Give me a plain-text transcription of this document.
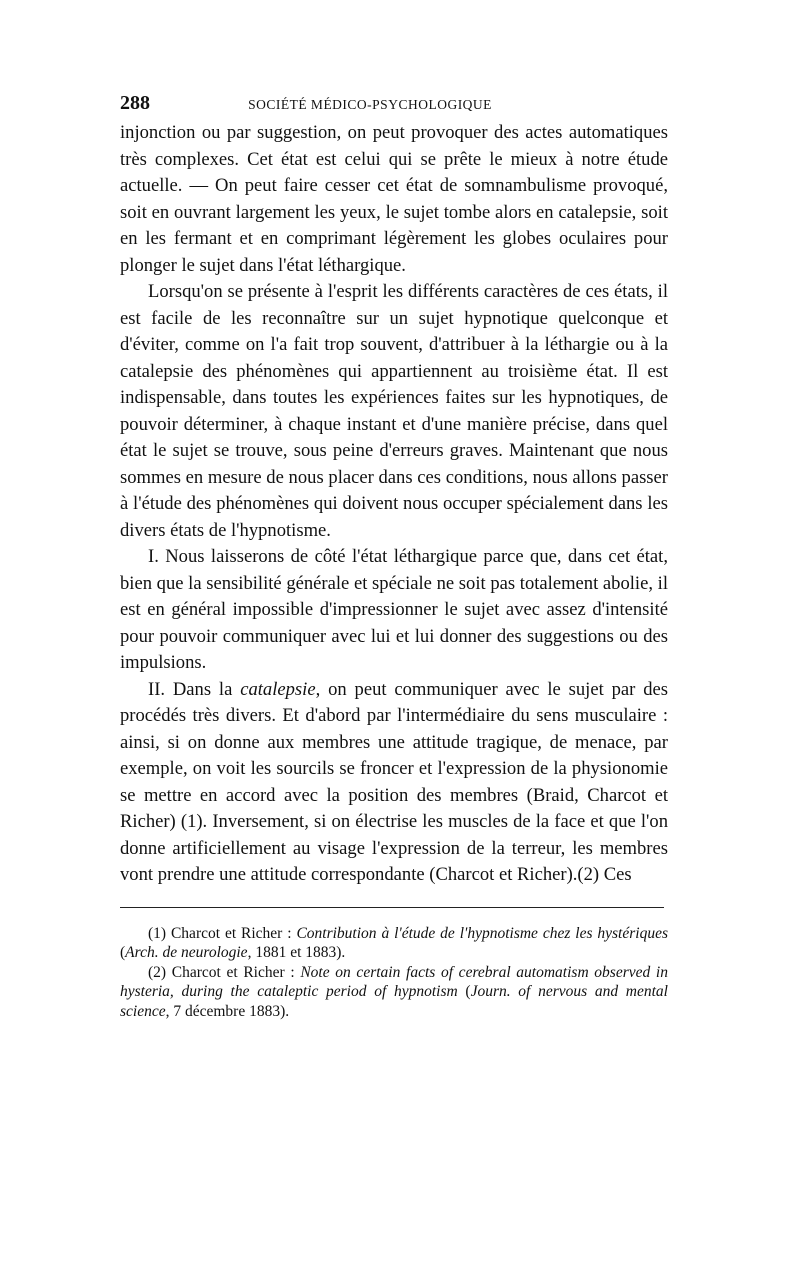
288	SOCIÉTÉ MÉDICO-PSYCHOLOGIQUE

injonction ou par suggestion, on peut provoquer des actes automatiques très complexes. Cet état est celui qui se prête le mieux à notre étude actuelle. — On peut faire cesser cet état de somnambulisme provoqué, soit en ouvrant largement les yeux, le sujet tombe alors en catalepsie, soit en les fermant et en comprimant légèrement les globes oculaires pour plonger le sujet dans l'état léthargique.

Lorsqu'on se présente à l'esprit les différents caractères de ces états, il est facile de les reconnaître sur un sujet hypnotique quelconque et d'éviter, comme on l'a fait trop souvent, d'attribuer à la léthargie ou à la catalepsie des phénomènes qui appartiennent au troisième état. Il est indispensable, dans toutes les expériences faites sur les hypnotiques, de pouvoir déterminer, à chaque instant et d'une manière précise, dans quel état le sujet se trouve, sous peine d'erreurs graves. Maintenant que nous sommes en mesure de nous placer dans ces conditions, nous allons passer à l'étude des phénomènes qui doivent nous occuper spécialement dans les divers états de l'hypnotisme.

I. Nous laisserons de côté l'état léthargique parce que, dans cet état, bien que la sensibilité générale et spéciale ne soit pas totalement abolie, il est en général impossible d'impressionner le sujet avec assez d'intensité pour pouvoir communiquer avec lui et lui donner des suggestions ou des impulsions.

II. Dans la catalepsie, on peut communiquer avec le sujet par des procédés très divers. Et d'abord par l'intermédiaire du sens musculaire : ainsi, si on donne aux membres une attitude tragique, de menace, par exemple, on voit les sourcils se froncer et l'expression de la physionomie se mettre en accord avec la position des membres (Braid, Charcot et Richer) (1). Inversement, si on électrise les muscles de la face et que l'on donne artificiellement au visage l'expression de la terreur, les membres vont prendre une attitude correspondante (Charcot et Richer).(2) Ces

(1) Charcot et Richer : Contribution à l'étude de l'hypnotisme chez les hystériques (Arch. de neurologie, 1881 et 1883).

(2) Charcot et Richer : Note on certain facts of cerebral automatism observed in hysteria, during the cataleptic period of hypnotism (Journ. of nervous and mental science, 7 décembre 1883).
